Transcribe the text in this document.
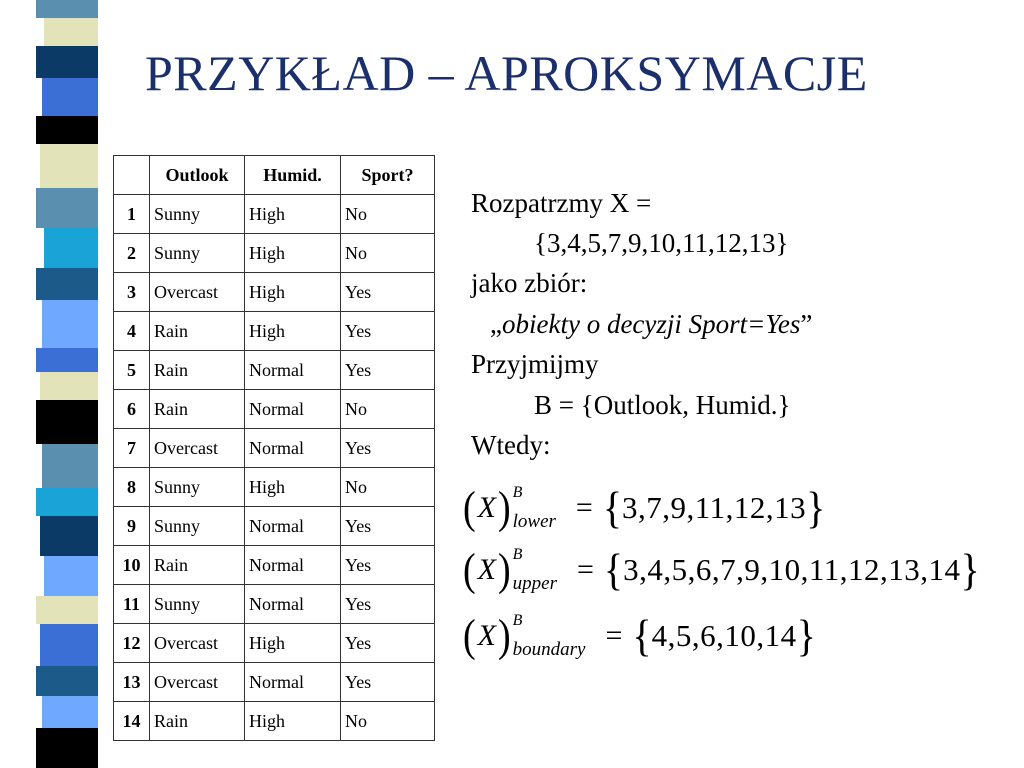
PRZYKŁAD – APROKSYMACJE
	Outlook	Humid.	Sport?
1	Sunny	High	No
2	Sunny	High	No
3	Overcast	High	Yes
4	Rain	High	Yes
5	Rain	Normal	Yes
6	Rain	Normal	No
7	Overcast	Normal	Yes
8	Sunny	High	No
9	Sunny	Normal	Yes
10	Rain	Normal	Yes
11	Sunny	Normal	Yes
12	Overcast	High	Yes
13	Overcast	Normal	Yes
14	Rain	High	No
Rozpatrzmy X =
{3,4,5,7,9,10,11,12,13}
jako zbiór:
„obiekty o decyzji Sport=Yes”
Przyjmijmy
B = {Outlook, Humid.}
Wtedy:
( X ) B
lower = { 3,7,9,11,12,13 }
( X ) B
upper = { 3,4,5,6,7,9,10,11,12,13,14 }
( X ) B
boundary = { 4,5,6,10,14 }
